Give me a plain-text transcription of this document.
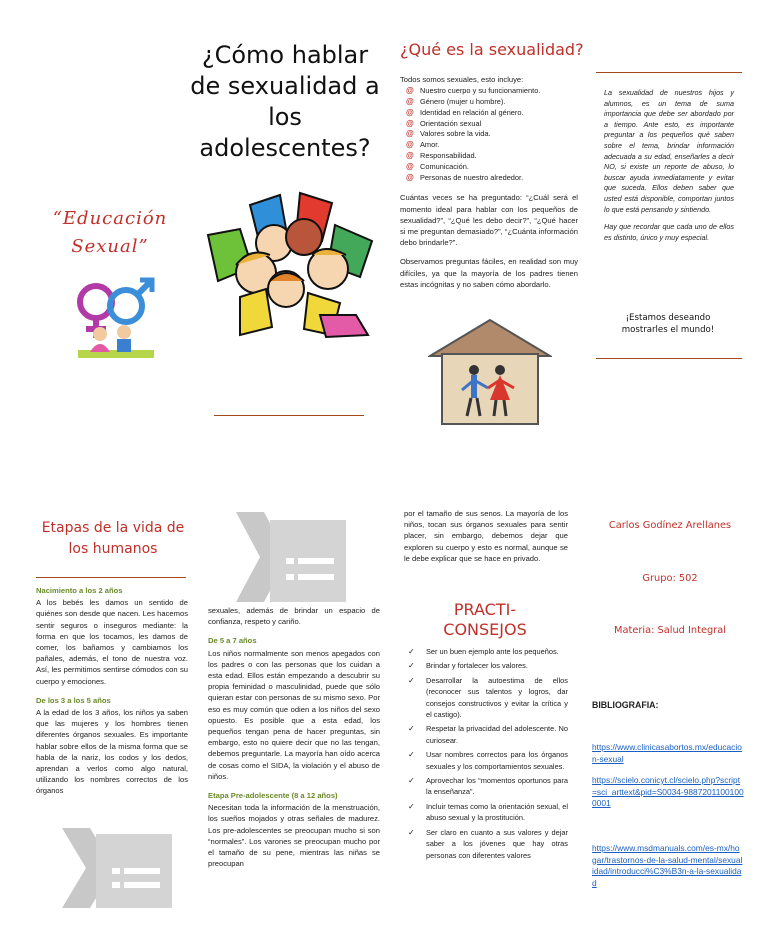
“Educación
Sexual”
¿Cómo hablar de sexualidad a los adolescentes?
¿Qué es la sexualidad?
Todos somos sexuales, esto incluye:
@ Nuestro cuerpo y su funcionamiento.
@ Género (mujer u hombre).
@ Identidad en relación al género.
@ Orientación sexual
@ Valores sobre la vida.
@ Amor.
@ Responsabilidad.
@ Comunicación.
@ Personas de nuestro alrededor.

Cuántas veces se ha preguntado: “¿Cuál será el momento ideal para hablar con los pequeños de sexualidad?”, “¿Qué les debo decir?”, “¿Qué hacer si me preguntan demasiado?”, “¿Cuánta información debo brindarle?”.

Observamos preguntas fáciles, en realidad son muy difíciles, ya que la mayoría de los padres tienen estas incógnitas y no saben cómo abordarlo.

La sexualidad de nuestros hijos y alumnos, es un tema de suma importancia que debe ser abordado por a tiempo. Ante esto, es importante preguntar a los pequeños qué saben sobre el tema, brindar información adecuada a su edad, enseñarles a decir NO, si existe un reporte de abuso, lo buscar ayuda inmediatamente y evitar que suceda. Ellos deben saber que usted está disponible, comportan juntos lo que está pensando y sintiendo.

Hay que recordar que cada uno de ellos es distinto, único y muy especial.

¡Estamos deseando mostrarles el mundo!
Etapas de la vida de los humanos
Nacimiento a los 2 años

A los bebés les damos un sentido de quiénes son desde que nacen. Les hacemos sentir seguros o inseguros mediante: la forma en que los tocamos, les damos de comer, los bañamos y cambiamos los pañales, además, el tono de nuestra voz. Así, les permitimos sentirse cómodos con su cuerpo y emociones.

De los 3 a los 5 años

A la edad de los 3 años, los niños ya saben que las mujeres y los hombres tienen diferentes órganos sexuales. Es importante hablar sobre ellos de la misma forma que se habla de la nariz, los codos y los dedos, aprendan a verlos como algo natural, utilizando los nombres correctos de los órganos

sexuales, además de brindar un espacio de confianza, respeto y cariño.

De 5 a 7 años

Los niños normalmente son menos apegados con los padres o con las personas que los cuidan a esta edad. Ellos están empezando a descubrir su propia feminidad o masculinidad, puede que sólo quieran estar con personas de su mismo sexo. Por eso es muy común que odien a los niños del sexo opuesto. Es posible que a esta edad, los pequeños tengan pena de hacer preguntas, sin embargo, esto no quiere decir que no las tengan, debemos preguntarle. La mayoría han oído acerca de cosas como el SIDA, la violación y el abuso de niños.

Etapa Pre-adolescente (8 a 12 años)

Necesitan toda la información de la menstruación, los sueños mojados y otras señales de madurez. Los pre-adolescentes se preocupan mucho si son “normales”. Los varones se preocupan mucho por el tamaño de su pene, mientras las niñas se preocupan

por el tamaño de sus senos. La mayoría de los niños, tocan sus órganos sexuales para sentir placer, sin embargo, debemos dejar que exploren su cuerpo y esto es normal, aunque se le debe explicar que se hace en privado.

PRACTI-
CONSEJOS
✓ Ser un buen ejemplo ante los pequeños.
✓ Brindar y fortalecer los valores.
✓ Desarrollar la autoestima de ellos (reconocer sus talentos y logros, dar consejos constructivos y evitar la crítica y el castigo).
✓ Respetar la privacidad del adolescente. No curiosear.
✓ Usar nombres correctos para los órganos sexuales y los comportamientos sexuales.
✓ Aprovechar los “momentos oportunos para la enseñanza”.
✓ Incluir temas como la orientación sexual, el abuso sexual y la prostitución.
✓ Ser claro en cuanto a sus valores y dejar saber a los jóvenes que hay otras personas con diferentes valores
Carlos Godínez Arellanes
Grupo: 502
Materia: Salud Integral
BIBLIOGRAFIA:
https://www.clinicasabortos.mx/educacion-sexual
https://scielo.conicyt.cl/scielo.php?script=sci_arttext&pid=S0034-98872011001000001
https://www.msdmanuals.com/es-mx/hogar/trastornos-de-la-salud-mental/sexualidad/introducci%C3%B3n-a-la-sexualidad
